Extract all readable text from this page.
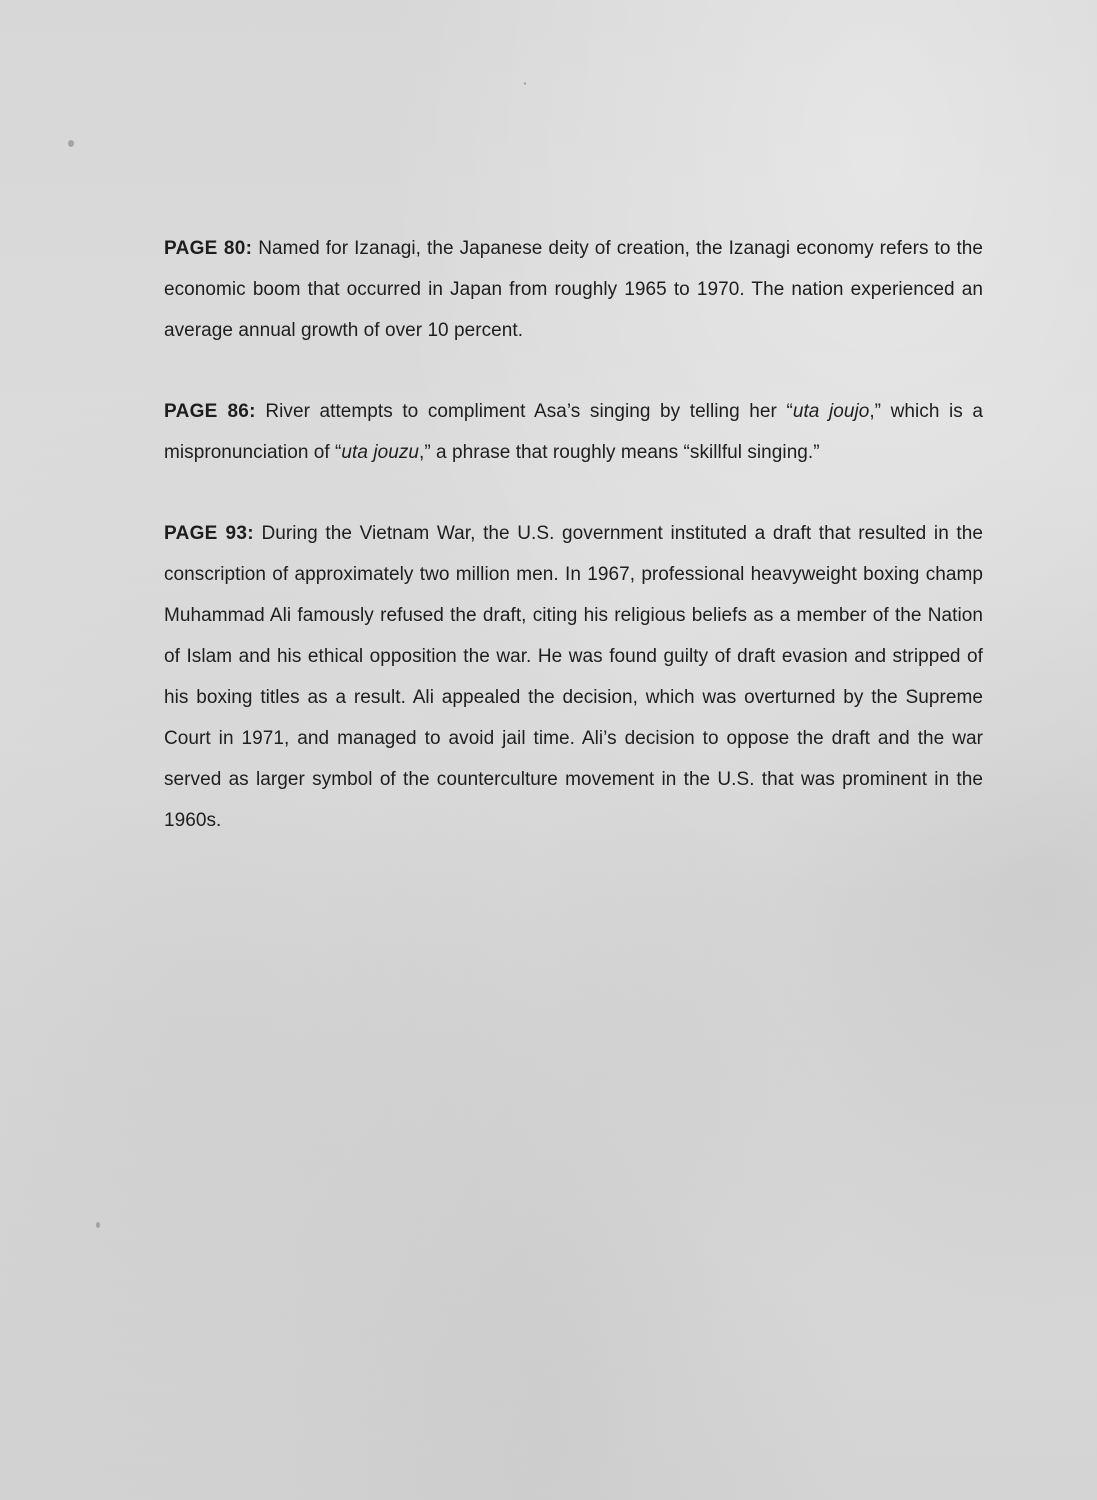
PAGE 80: Named for Izanagi, the Japanese deity of creation, the Izanagi economy refers to the economic boom that occurred in Japan from roughly 1965 to 1970. The nation experienced an average annual growth of over 10 percent.

PAGE 86: River attempts to compliment Asa’s singing by telling her “uta joujo,” which is a mispronunciation of “uta jouzu,” a phrase that roughly means “skillful singing.”

PAGE 93: During the Vietnam War, the U.S. government instituted a draft that resulted in the conscription of approximately two million men. In 1967, professional heavyweight boxing champ Muhammad Ali famously refused the draft, citing his religious beliefs as a member of the Nation of Islam and his ethical opposition the war. He was found guilty of draft evasion and stripped of his boxing titles as a result. Ali appealed the decision, which was overturned by the Supreme Court in 1971, and managed to avoid jail time. Ali’s decision to oppose the draft and the war served as larger symbol of the counterculture movement in the U.S. that was prominent in the 1960s.
